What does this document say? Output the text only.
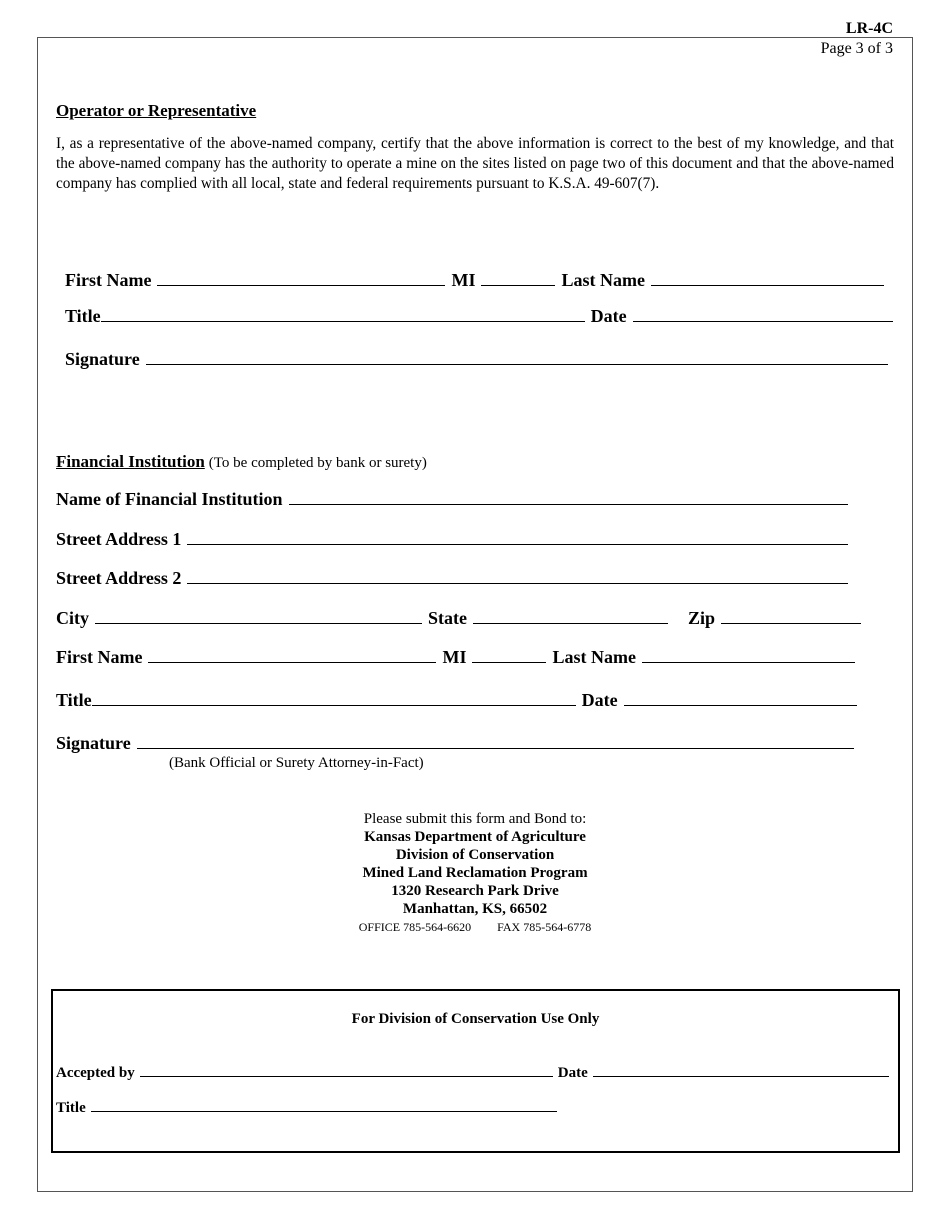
LR-4C
Page 3 of 3
Operator or Representative
I, as a representative of the above-named company, certify that the above information is correct to the best of my knowledge, and that the above-named company has the authority to operate a mine on the sites listed on page two of this document and that the above-named company has complied with all local, state and federal requirements pursuant to K.S.A. 49-607(7).
First Name	MI	Last Name
Title	Date
Signature
Financial Institution (To be completed by bank or surety)
Name of Financial Institution
Street Address 1
Street Address 2
City	State	Zip
First Name	MI	Last Name
Title	Date
Signature
(Bank Official or Surety Attorney-in-Fact)
Please submit this form and Bond to:
Kansas Department of Agriculture
Division of Conservation
Mined Land Reclamation Program
1320 Research Park Drive
Manhattan, KS, 66502
OFFICE 785-564-6620 FAX 785-564-6778
For Division of Conservation Use Only
Accepted by	Date
Title
